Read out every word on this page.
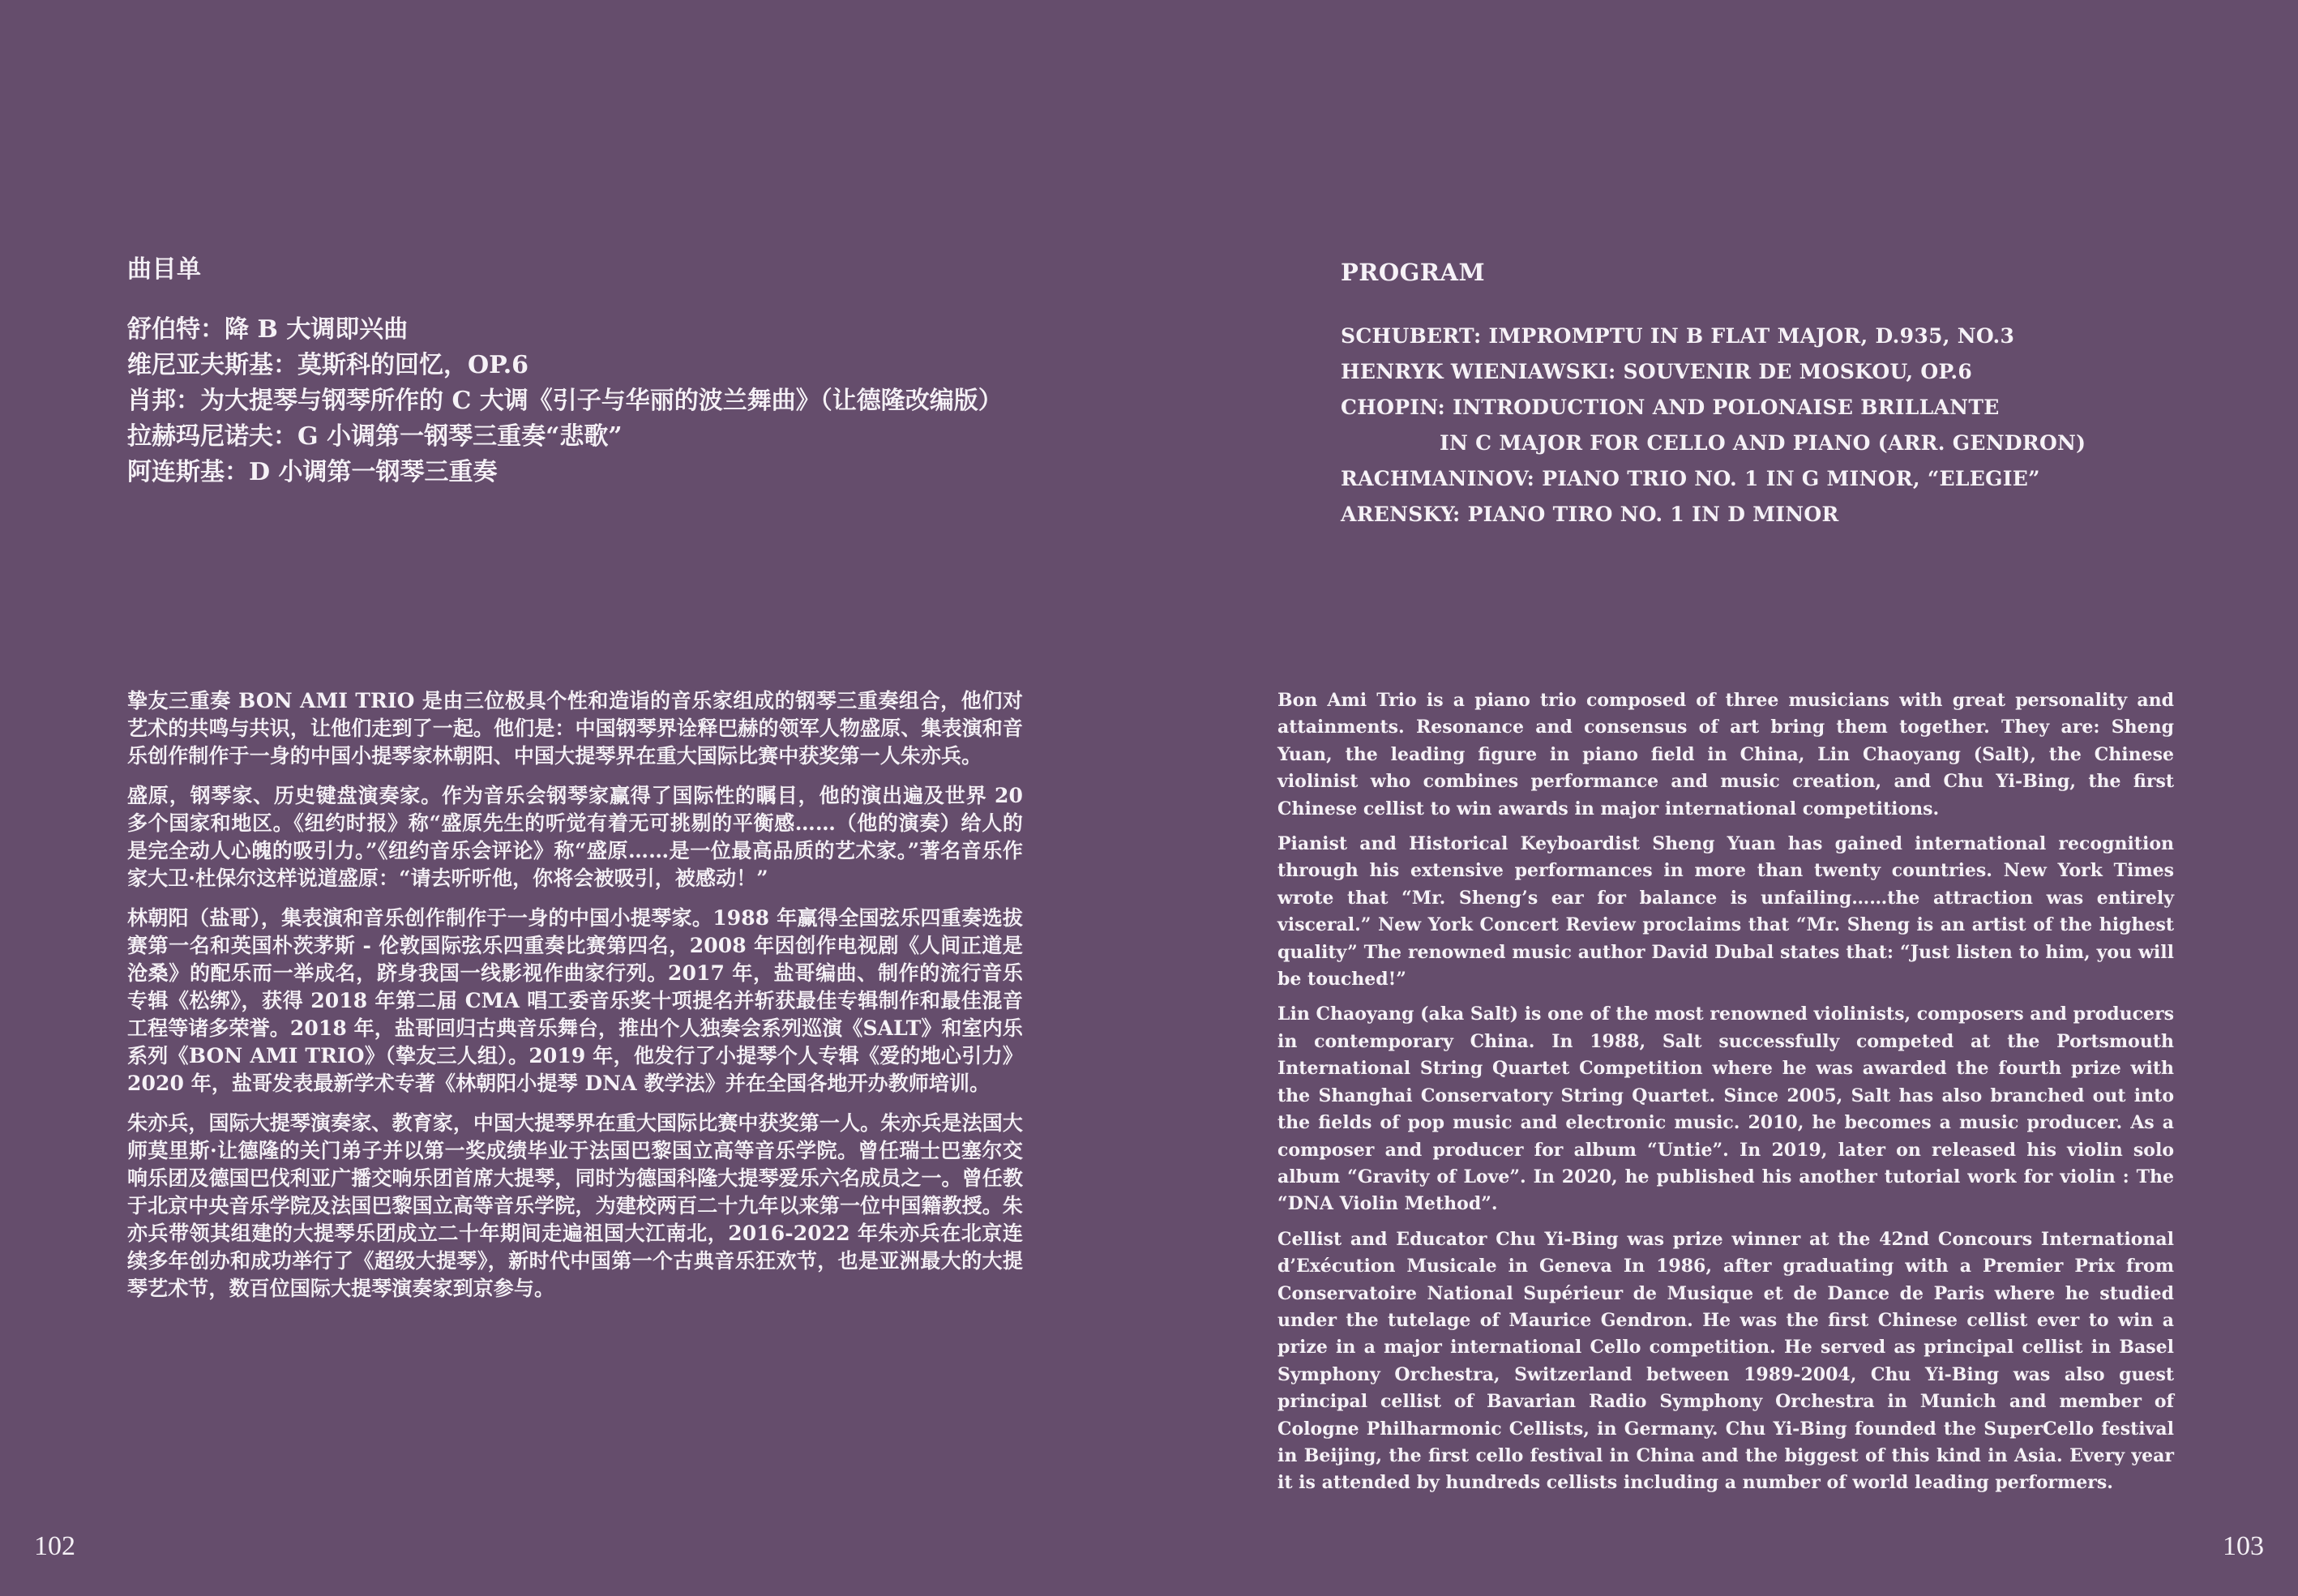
曲目单
舒伯特：降 B 大调即兴曲
维尼亚夫斯基：莫斯科的回忆，OP.6
肖邦：为大提琴与钢琴所作的 C 大调《引子与华丽的波兰舞曲》（让德隆改编版）
拉赫玛尼诺夫：G 小调第一钢琴三重奏“悲歌”
阿连斯基：D 小调第一钢琴三重奏

挚友三重奏 BON AMI TRIO 是由三位极具个性和造诣的音乐家组成的钢琴三重奏组合，他们对艺术的共鸣与共识，让他们走到了一起。他们是：中国钢琴界诠释巴赫的领军人物盛原、集表演和音乐创作制作于一身的中国小提琴家林朝阳、中国大提琴界在重大国际比赛中获奖第一人朱亦兵。

盛原，钢琴家、历史键盘演奏家。作为音乐会钢琴家赢得了国际性的瞩目，他的演出遍及世界 20 多个国家和地区。《纽约时报》称“盛原先生的听觉有着无可挑剔的平衡感……（他的演奏）给人的是完全动人心魄的吸引力。”《纽约音乐会评论》称“盛原……是一位最高品质的艺术家。”著名音乐作家大卫·杜保尔这样说道盛原：“请去听听他，你将会被吸引，被感动！”

林朝阳（盐哥），集表演和音乐创作制作于一身的中国小提琴家。1988 年赢得全国弦乐四重奏选拔赛第一名和英国朴茨茅斯 - 伦敦国际弦乐四重奏比赛第四名，2008 年因创作电视剧《人间正道是沧桑》的配乐而一举成名，跻身我国一线影视作曲家行列。2017 年，盐哥编曲、制作的流行音乐专辑《松绑》，获得 2018 年第二届 CMA 唱工委音乐奖十项提名并斩获最佳专辑制作和最佳混音工程等诸多荣誉。2018 年，盐哥回归古典音乐舞台，推出个人独奏会系列巡演《SALT》和室内乐系列《BON AMI TRIO》（挚友三人组）。2019 年，他发行了小提琴个人专辑《爱的地心引力》2020 年，盐哥发表最新学术专著《林朝阳小提琴 DNA 教学法》并在全国各地开办教师培训。

朱亦兵，国际大提琴演奏家、教育家，中国大提琴界在重大国际比赛中获奖第一人。朱亦兵是法国大师莫里斯·让德隆的关门弟子并以第一奖成绩毕业于法国巴黎国立高等音乐学院。曾任瑞士巴塞尔交响乐团及德国巴伐利亚广播交响乐团首席大提琴，同时为德国科隆大提琴爱乐六名成员之一。曾任教于北京中央音乐学院及法国巴黎国立高等音乐学院，为建校两百二十九年以来第一位中国籍教授。朱亦兵带领其组建的大提琴乐团成立二十年期间走遍祖国大江南北，2016-2022 年朱亦兵在北京连续多年创办和成功举行了《超级大提琴》，新时代中国第一个古典音乐狂欢节，也是亚洲最大的大提琴艺术节，数百位国际大提琴演奏家到京参与。

102
PROGRAM
SCHUBERT: IMPROMPTU IN B FLAT MAJOR, D.935, NO.3
HENRYK WIENIAWSKI: SOUVENIR DE MOSKOU, OP.6
CHOPIN: INTRODUCTION AND POLONAISE BRILLANTE
IN C MAJOR FOR CELLO AND PIANO (ARR. GENDRON)
RACHMANINOV: PIANO TRIO NO. 1 IN G MINOR, “ELEGIE”
ARENSKY: PIANO TIRO NO. 1 IN D MINOR

Bon Ami Trio is a piano trio composed of three musicians with great personality and attainments. Resonance and consensus of art bring them together. They are: Sheng Yuan, the leading figure in piano field in China, Lin Chaoyang (Salt), the Chinese violinist who combines performance and music creation, and Chu Yi-Bing, the first Chinese cellist to win awards in major international competitions.

Pianist and Historical Keyboardist Sheng Yuan has gained international recognition through his extensive performances in more than twenty countries. New York Times wrote that “Mr. Sheng’s ear for balance is unfailing……the attraction was entirely visceral.” New York Concert Review proclaims that “Mr. Sheng is an artist of the highest quality” The renowned music author David Dubal states that: “Just listen to him, you will be touched!”

Lin Chaoyang (aka Salt) is one of the most renowned violinists, composers and producers in contemporary China. In 1988, Salt successfully competed at the Portsmouth International String Quartet Competition where he was awarded the fourth prize with the Shanghai Conservatory String Quartet. Since 2005, Salt has also branched out into the fields of pop music and electronic music. 2010, he becomes a music producer. As a composer and producer for album “Untie”. In 2019, later on released his violin solo album “Gravity of Love”. In 2020, he published his another tutorial work for violin : The “DNA Violin Method”.

Cellist and Educator Chu Yi-Bing was prize winner at the 42nd Concours International d’Exécution Musicale in Geneva In 1986, after graduating with a Premier Prix from Conservatoire National Supérieur de Musique et de Dance de Paris where he studied under the tutelage of Maurice Gendron. He was the first Chinese cellist ever to win a prize in a major international Cello competition. He served as principal cellist in Basel Symphony Orchestra, Switzerland between 1989-2004, Chu Yi-Bing was also guest principal cellist of Bavarian Radio Symphony Orchestra in Munich and member of Cologne Philharmonic Cellists, in Germany. Chu Yi-Bing founded the SuperCello festival in Beijing, the first cello festival in China and the biggest of this kind in Asia. Every year it is attended by hundreds cellists including a number of world leading performers.

103
